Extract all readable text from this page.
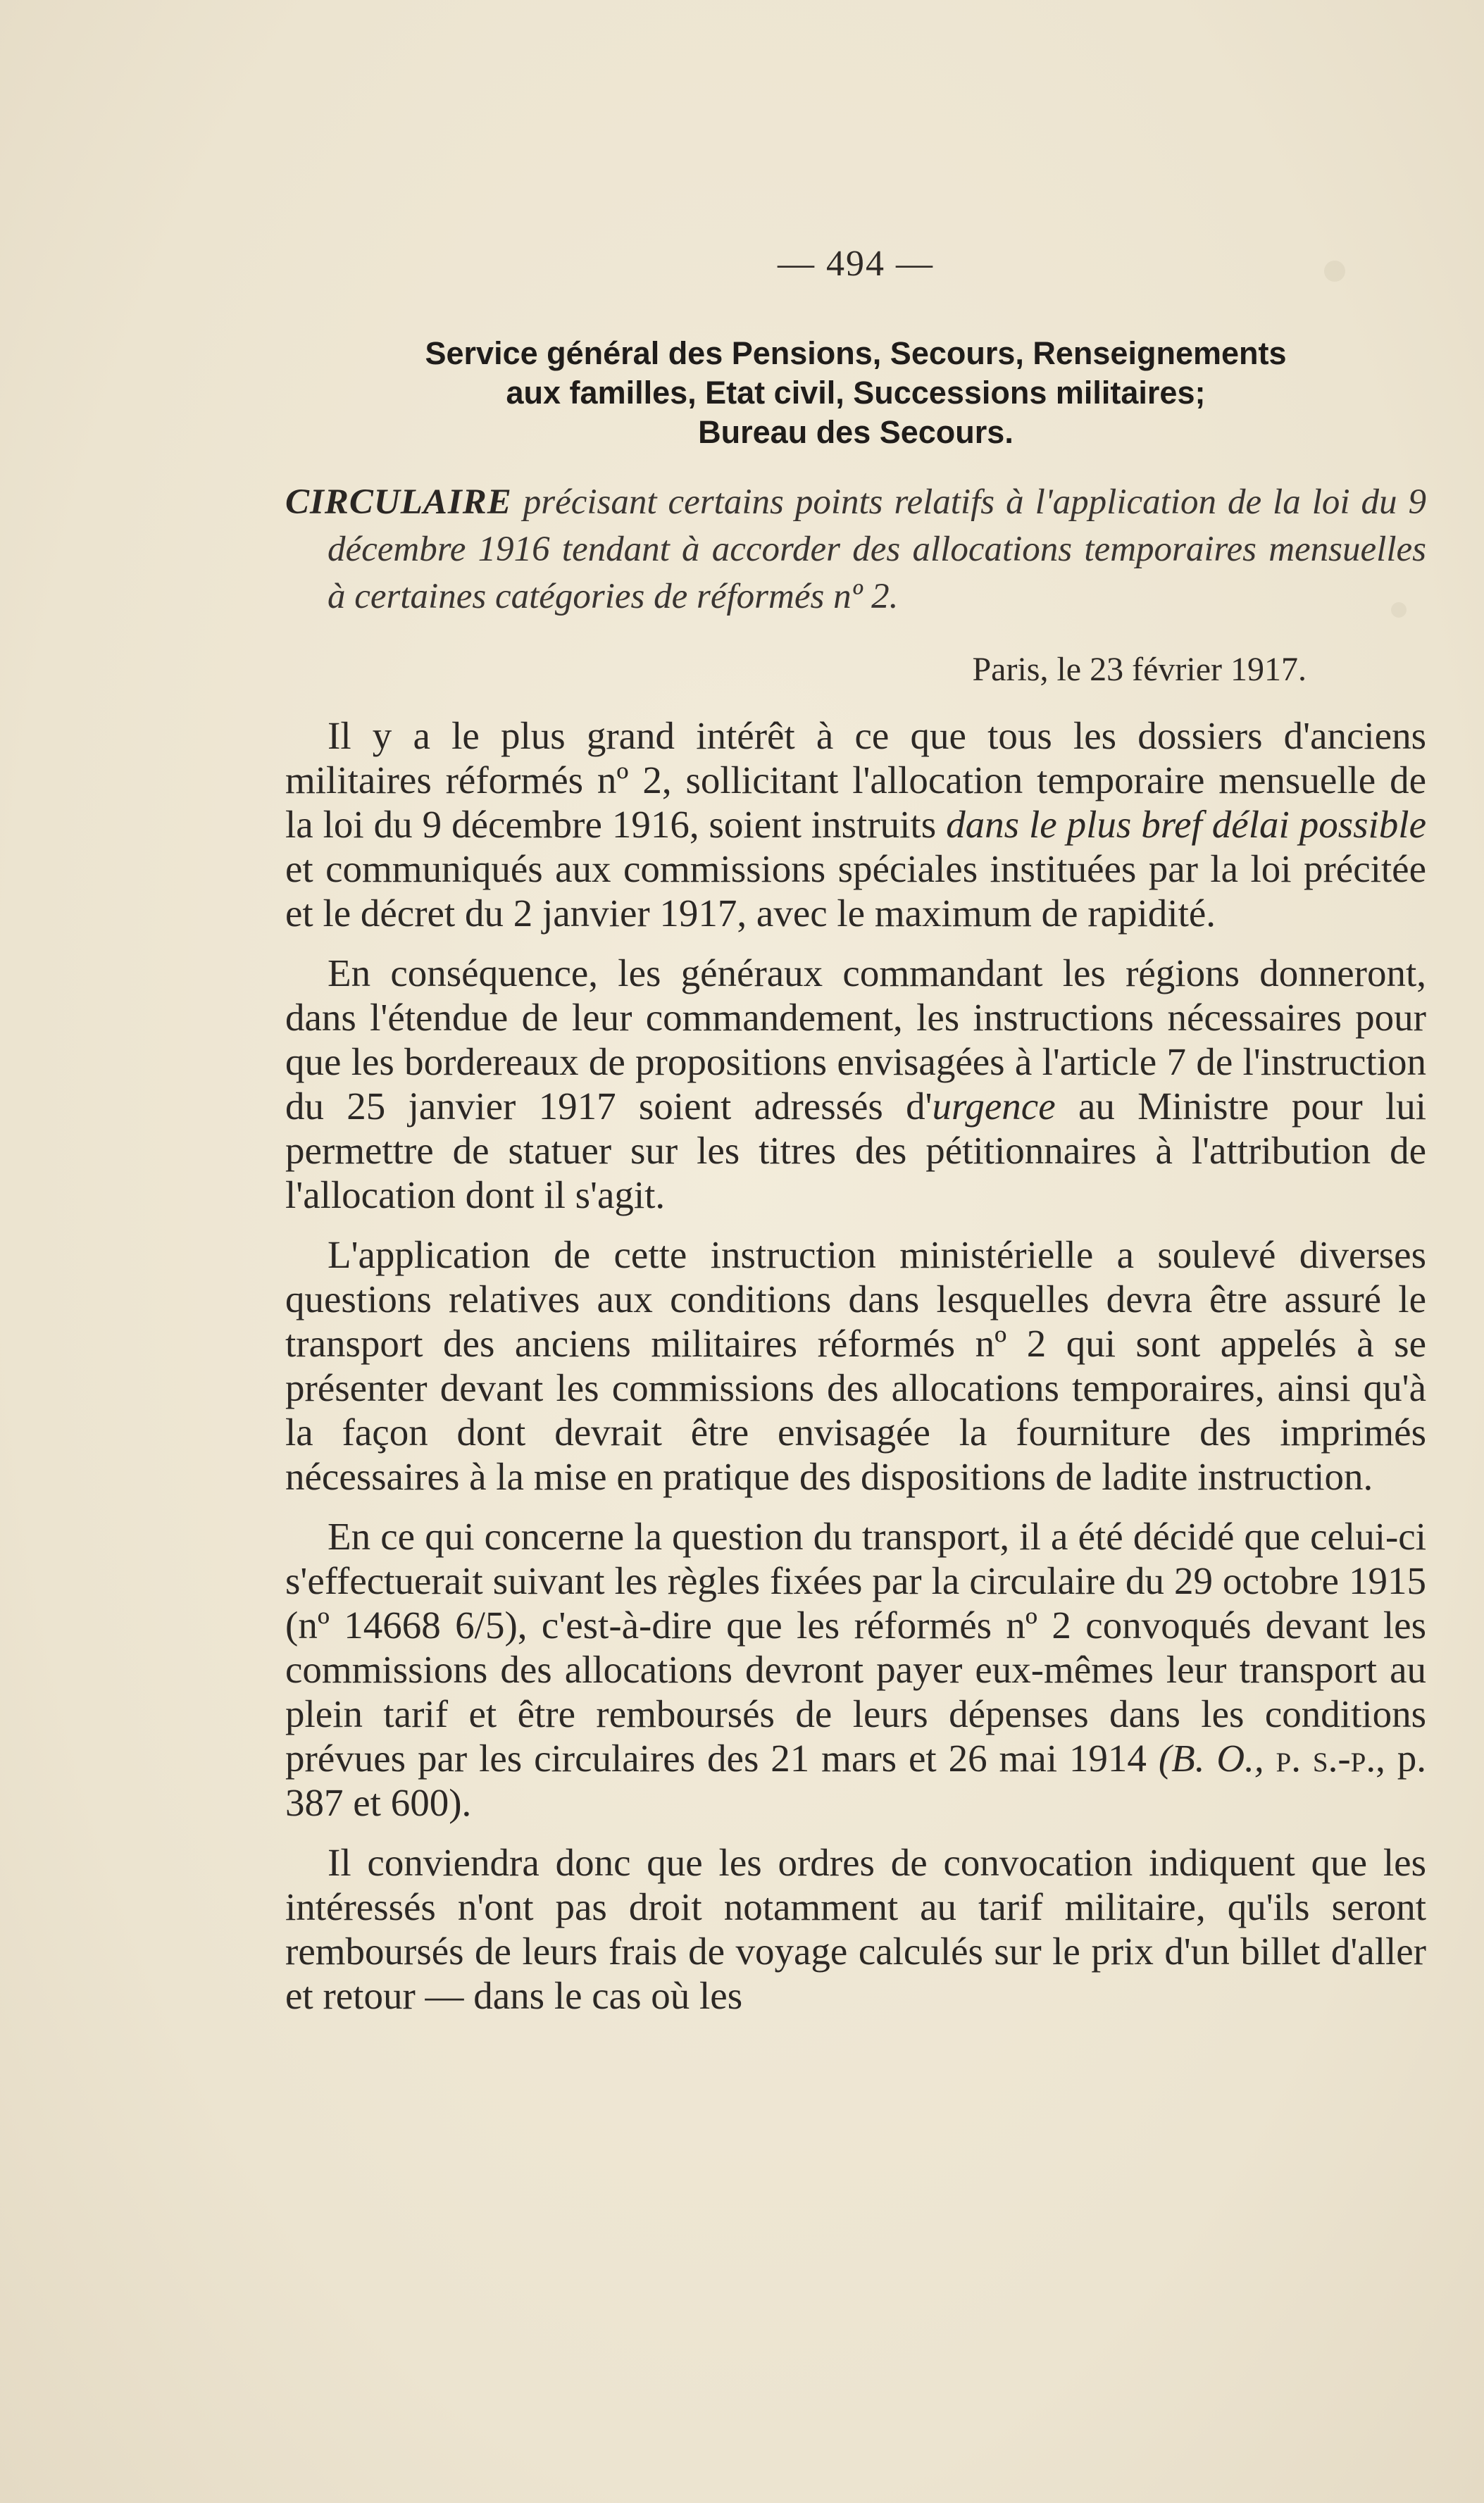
— 494 —
Service général des Pensions, Secours, Renseignements
aux familles, Etat civil, Successions militaires;
Bureau des Secours.
CIRCULAIRE précisant certains points relatifs à l'application de la loi du 9 décembre 1916 tendant à accorder des allocations temporaires mensuelles à certaines catégories de réformés nº 2.
Paris, le 23 février 1917.

Il y a le plus grand intérêt à ce que tous les dossiers d'anciens militaires réformés nº 2, sollicitant l'allocation temporaire mensuelle de la loi du 9 décembre 1916, soient instruits dans le plus bref délai possible et communiqués aux commissions spéciales instituées par la loi précitée et le décret du 2 janvier 1917, avec le maximum de rapidité.

En conséquence, les généraux commandant les régions donneront, dans l'étendue de leur commandement, les instructions nécessaires pour que les bordereaux de propositions envisagées à l'article 7 de l'instruction du 25 janvier 1917 soient adressés d'urgence au Ministre pour lui permettre de statuer sur les titres des pétitionnaires à l'attribution de l'allocation dont il s'agit.

L'application de cette instruction ministérielle a soulevé diverses questions relatives aux conditions dans lesquelles devra être assuré le transport des anciens militaires réformés nº 2 qui sont appelés à se présenter devant les commissions des allocations temporaires, ainsi qu'à la façon dont devrait être envisagée la fourniture des imprimés nécessaires à la mise en pratique des dispositions de ladite instruction.

En ce qui concerne la question du transport, il a été décidé que celui-ci s'effectuerait suivant les règles fixées par la circulaire du 29 octobre 1915 (nº 14668 6/5), c'est-à-dire que les réformés nº 2 convoqués devant les commissions des allocations devront payer eux-mêmes leur transport au plein tarif et être remboursés de leurs dépenses dans les conditions prévues par les circulaires des 21 mars et 26 mai 1914 (B. O., p. s.-p., p. 387 et 600).

Il conviendra donc que les ordres de convocation indiquent que les intéressés n'ont pas droit notamment au tarif militaire, qu'ils seront remboursés de leurs frais de voyage calculés sur le prix d'un billet d'aller et retour — dans le cas où les
